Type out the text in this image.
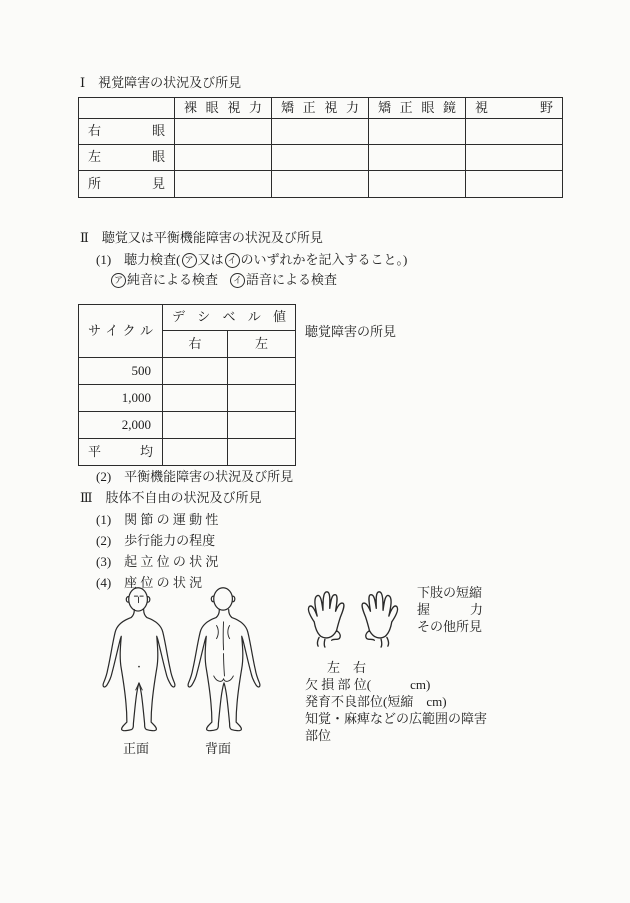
Ⅰ　視覚障害の状況及び所見
	裸 眼 視 力	矯 正 視 力	矯 正 眼 鏡	視 野
右 眼				
左 眼				
所 見				
Ⅱ　聴覚又は平衡機能障害の状況及び所見
(1)　聴力検査( ア 又は イ のいずれかを記入すること。)
ア 純音による検査 イ 語音による検査
サ イ ク ル	デ シ ベ ル 値	
	右	左
500		
1,000		
2,000		
平 均		
聴覚障害の所見
(2)　平衡機能障害の状況及び所見
Ⅲ　肢体不自由の状況及び所見
(1)　関 節 の 運 動 性
(2)　歩行能力の程度
(3)　起 立 位 の 状 況
(4)　座 位 の 状 況
正面	背面
下肢の短縮
握 力
その他所見
左　右
欠 損 部 位(　　　cm)
発育不良部位(短縮　cm)
知覚・麻痺などの広範囲の障害
部位
